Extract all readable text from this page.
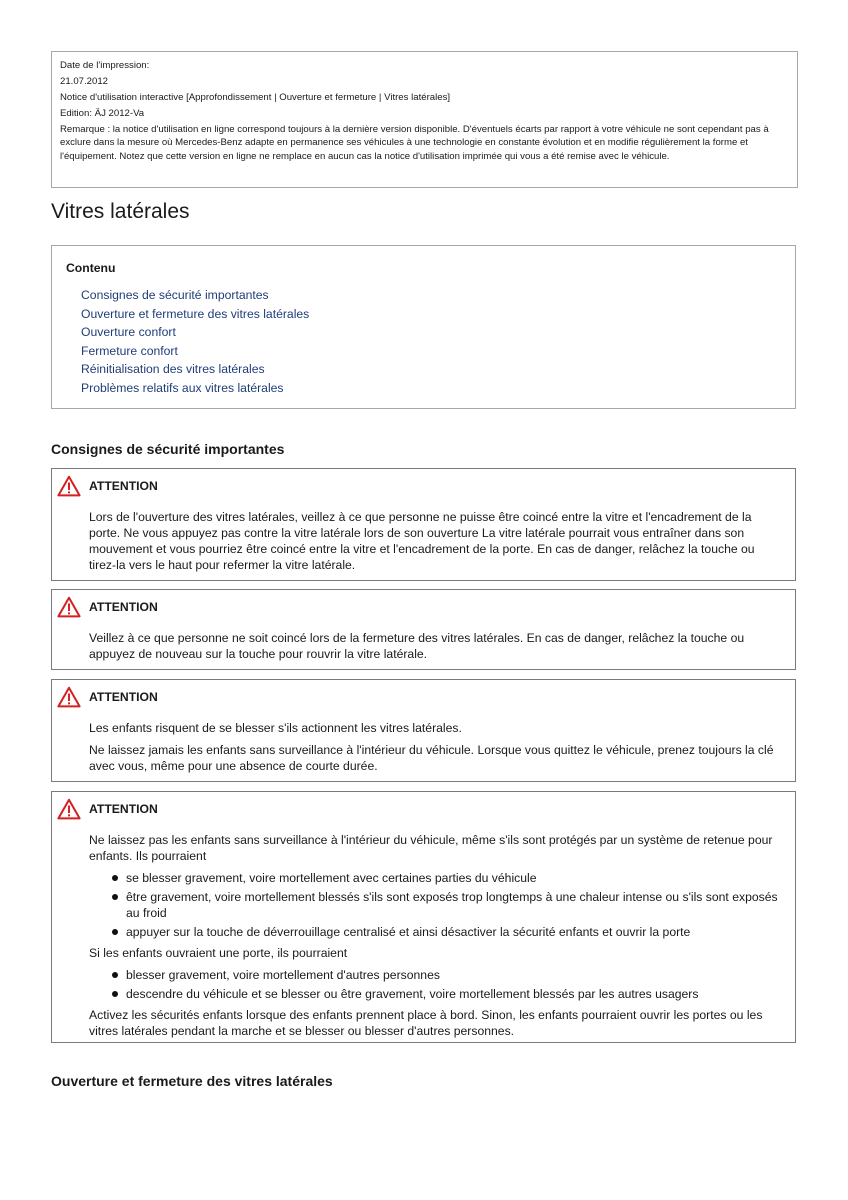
Date de l'impression:
21.07.2012
Notice d'utilisation interactive [Approfondissement | Ouverture et fermeture | Vitres latérales]
Edition: ÄJ 2012-Va
Remarque : la notice d'utilisation en ligne correspond toujours à la dernière version disponible. D'éventuels écarts par rapport à votre véhicule ne sont cependant pas à exclure dans la mesure où Mercedes-Benz adapte en permanence ses véhicules à une technologie en constante évolution et en modifie régulièrement la forme et l'équipement. Notez que cette version en ligne ne remplace en aucun cas la notice d'utilisation imprimée qui vous a été remise avec le véhicule.
Vitres latérales
Contenu
Consignes de sécurité importantes
Ouverture et fermeture des vitres latérales
Ouverture confort
Fermeture confort
Réinitialisation des vitres latérales
Problèmes relatifs aux vitres latérales
Consignes de sécurité importantes
ATTENTION

Lors de l'ouverture des vitres latérales, veillez à ce que personne ne puisse être coincé entre la vitre et l'encadrement de la porte. Ne vous appuyez pas contre la vitre latérale lors de son ouverture La vitre latérale pourrait vous entraîner dans son mouvement et vous pourriez être coincé entre la vitre et l'encadrement de la porte. En cas de danger, relâchez la touche ou tirez-la vers le haut pour refermer la vitre latérale.

ATTENTION

Veillez à ce que personne ne soit coincé lors de la fermeture des vitres latérales. En cas de danger, relâchez la touche ou appuyez de nouveau sur la touche pour rouvrir la vitre latérale.

ATTENTION

Les enfants risquent de se blesser s'ils actionnent les vitres latérales.

Ne laissez jamais les enfants sans surveillance à l'intérieur du véhicule. Lorsque vous quittez le véhicule, prenez toujours la clé avec vous, même pour une absence de courte durée.

ATTENTION

Ne laissez pas les enfants sans surveillance à l'intérieur du véhicule, même s'ils sont protégés par un système de retenue pour enfants. Ils pourraient

se blesser gravement, voire mortellement avec certaines parties du véhicule
être gravement, voire mortellement blessés s'ils sont exposés trop longtemps à une chaleur intense ou s'ils sont exposés au froid
appuyer sur la touche de déverrouillage centralisé et ainsi désactiver la sécurité enfants et ouvrir la porte

Si les enfants ouvraient une porte, ils pourraient

blesser gravement, voire mortellement d'autres personnes
descendre du véhicule et se blesser ou être gravement, voire mortellement blessés par les autres usagers

Activez les sécurités enfants lorsque des enfants prennent place à bord. Sinon, les enfants pourraient ouvrir les portes ou les vitres latérales pendant la marche et se blesser ou blesser d'autres personnes.

Ouverture et fermeture des vitres latérales
